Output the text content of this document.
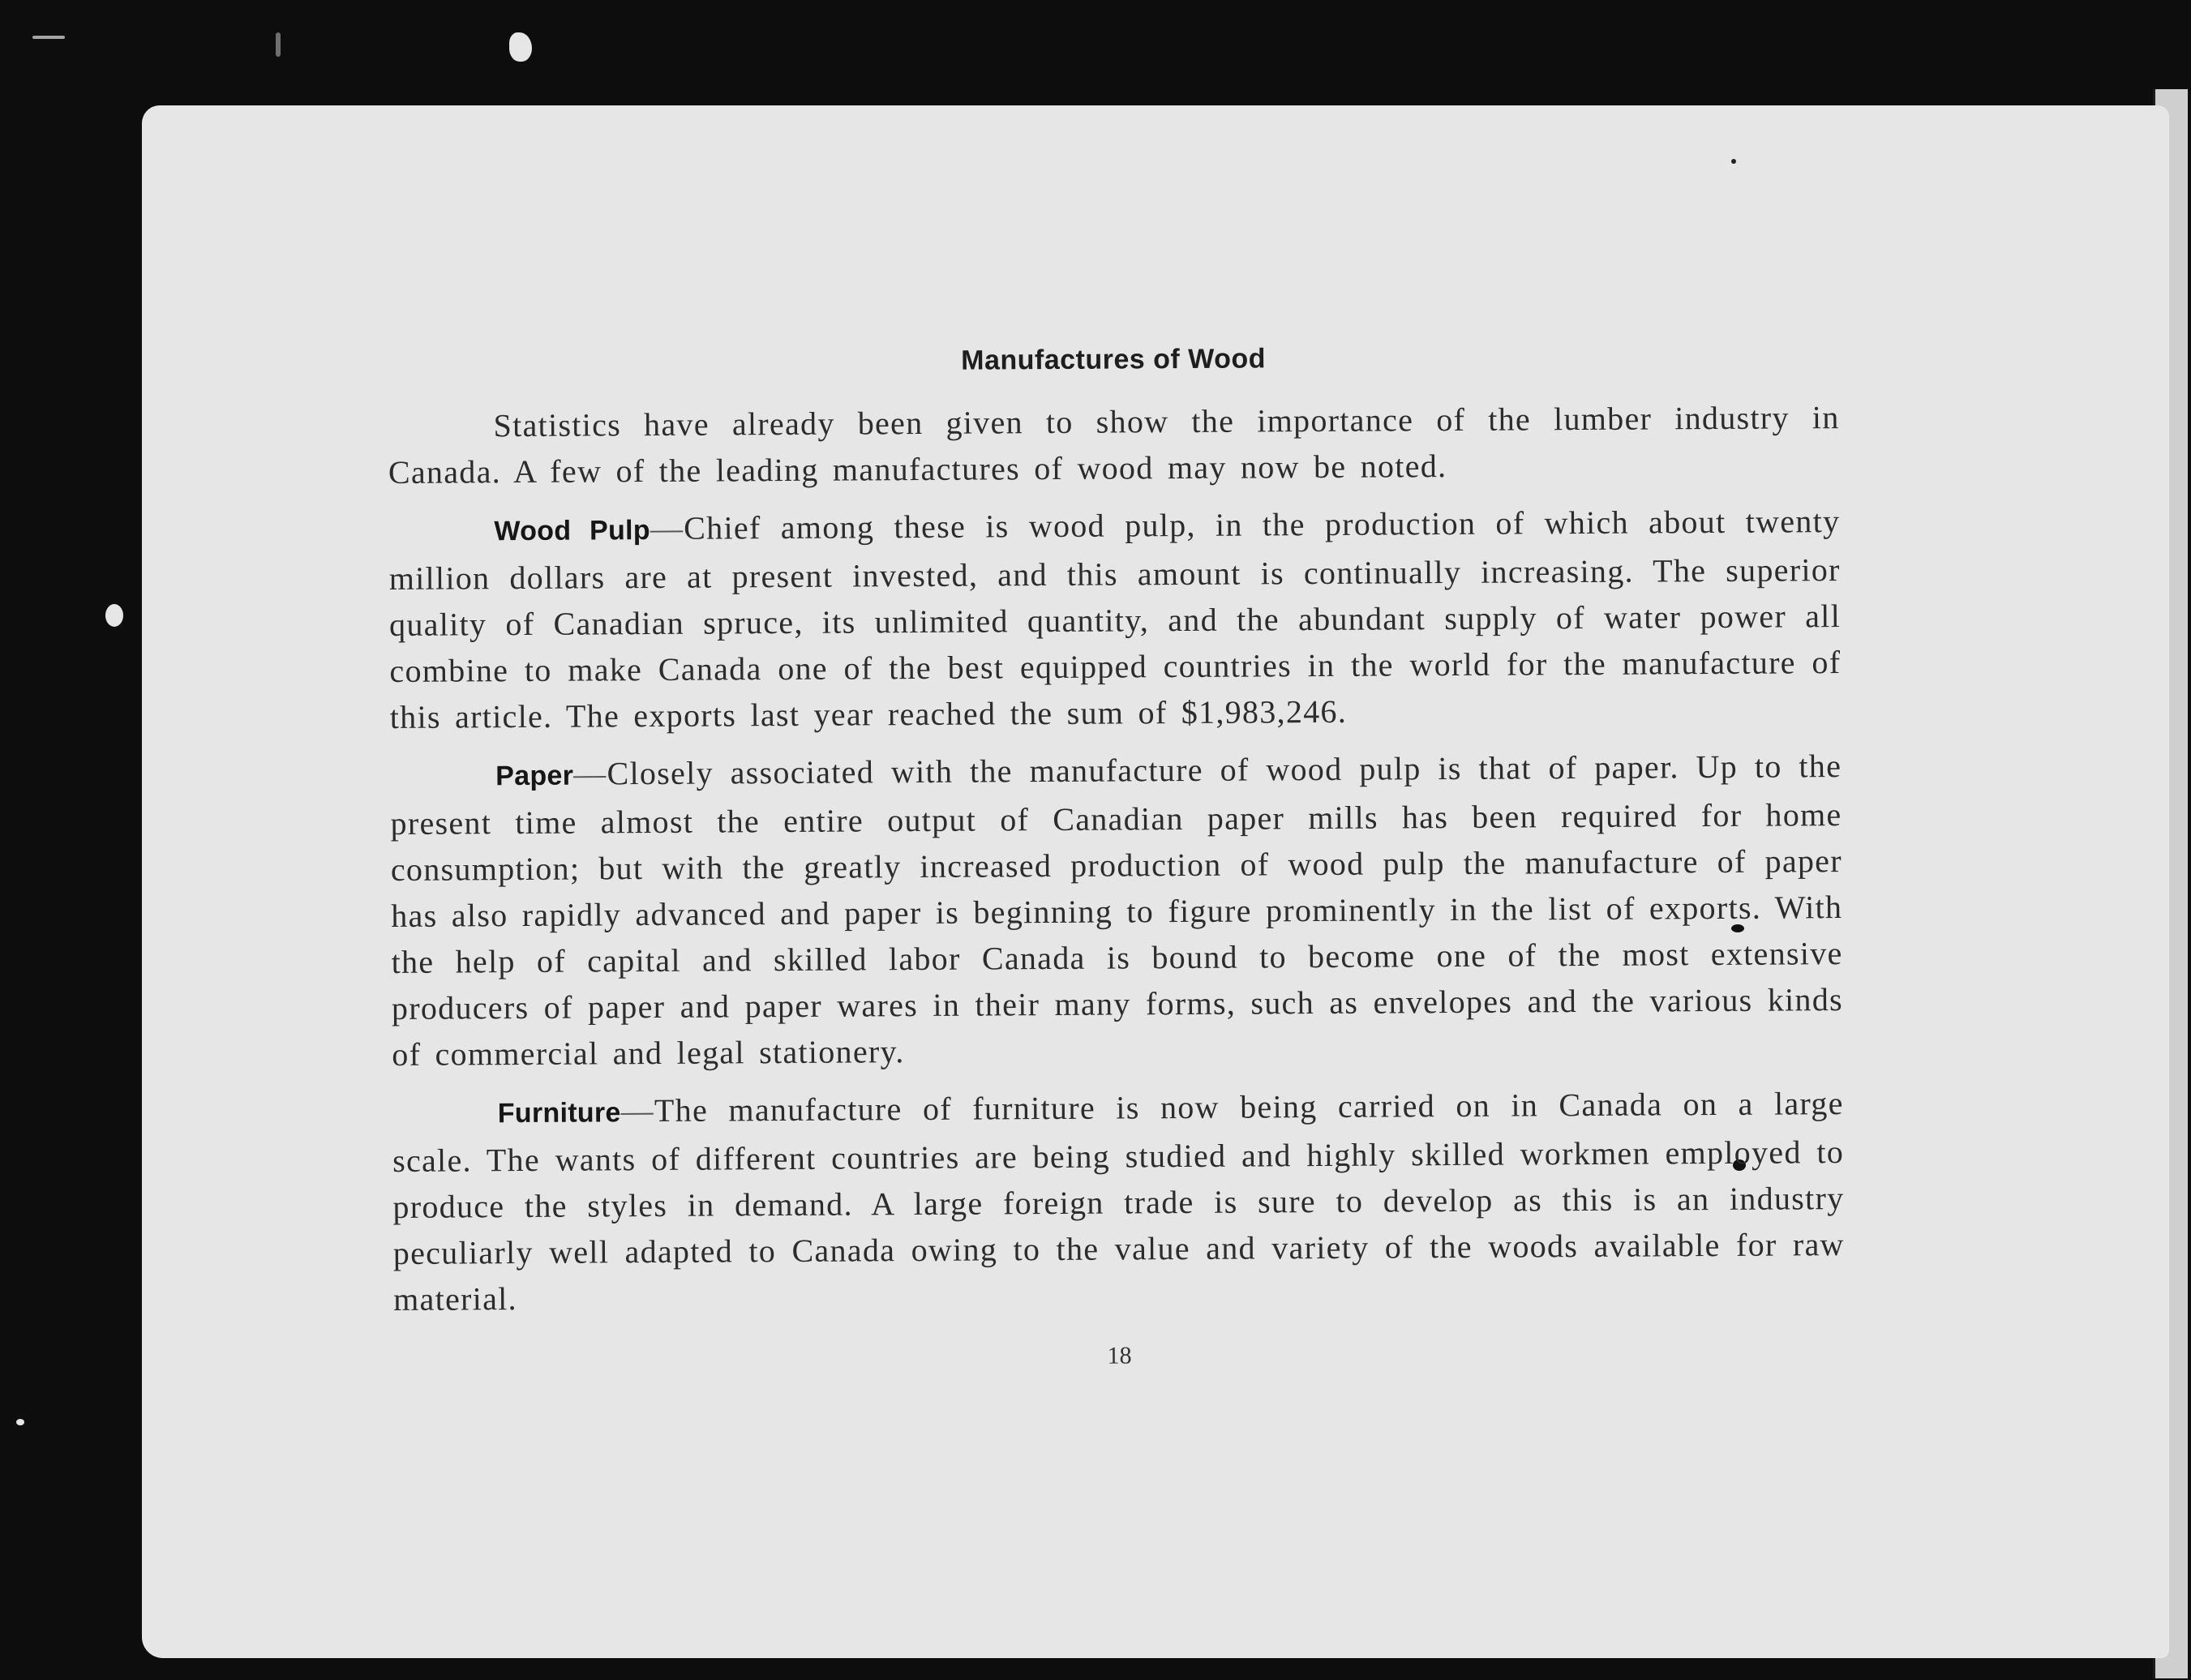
Manufactures of Wood

Statistics have already been given to show the importance of the lumber industry in Canada. A few of the leading manufactures of wood may now be noted.

Wood Pulp—Chief among these is wood pulp, in the production of which about twenty million dollars are at present invested, and this amount is continually increasing. The superior quality of Canadian spruce, its unlimited quantity, and the abundant supply of water power all combine to make Canada one of the best equipped countries in the world for the manufacture of this article. The exports last year reached the sum of $1,983,246.

Paper—Closely associated with the manufacture of wood pulp is that of paper. Up to the present time almost the entire output of Canadian paper mills has been required for home consumption; but with the greatly increased production of wood pulp the manufacture of paper has also rapidly advanced and paper is beginning to figure prominently in the list of exports. With the help of capital and skilled labor Canada is bound to become one of the most extensive producers of paper and paper wares in their many forms, such as envelopes and the various kinds of commercial and legal stationery.

Furniture—The manufacture of furniture is now being carried on in Canada on a large scale. The wants of different countries are being studied and highly skilled workmen employed to produce the styles in demand. A large foreign trade is sure to develop as this is an industry peculiarly well adapted to Canada owing to the value and variety of the woods available for raw material.

18
